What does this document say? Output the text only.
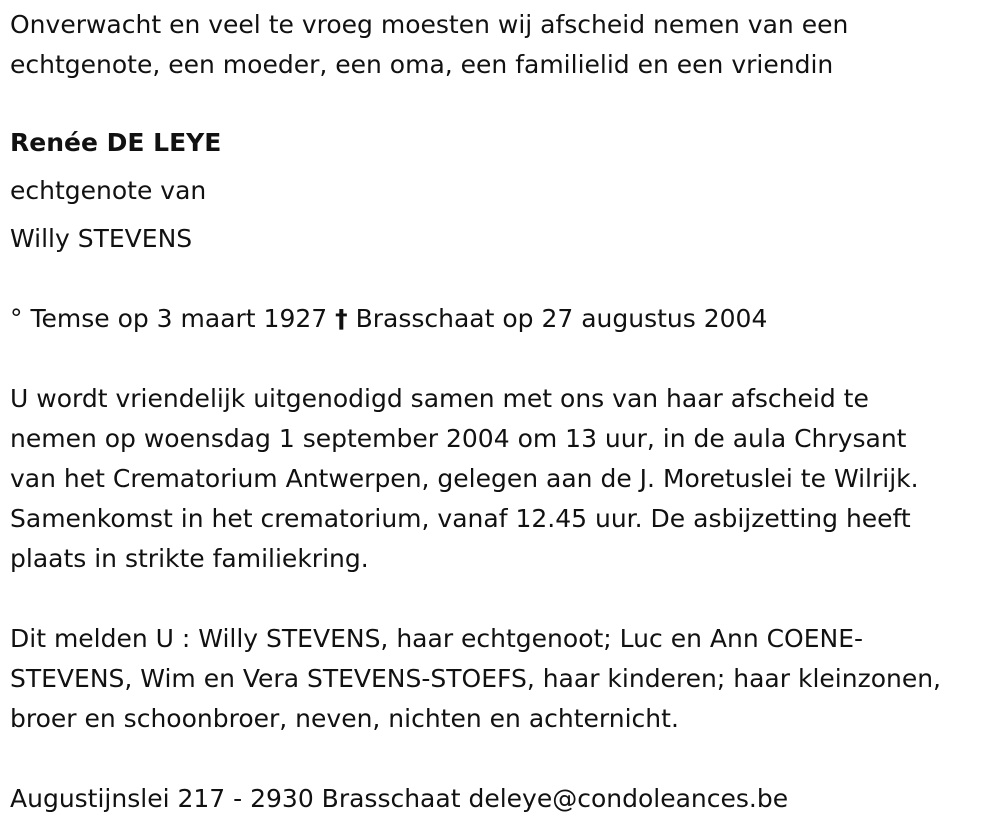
Onverwacht en veel te vroeg moesten wij afscheid nemen van een

echtgenote, een moeder, een oma, een familielid en een vriendin

Renée DE LEYE

echtgenote van

Willy STEVENS

° Temse op 3 maart 1927 † Brasschaat op 27 augustus 2004

U wordt vriendelijk uitgenodigd samen met ons van haar afscheid te

nemen op woensdag 1 september 2004 om 13 uur, in de aula Chrysant

van het Crematorium Antwerpen, gelegen aan de J. Moretuslei te Wilrijk.

Samenkomst in het crematorium, vanaf 12.45 uur. De asbijzetting heeft

plaats in strikte familiekring.

Dit melden U : Willy STEVENS, haar echtgenoot; Luc en Ann COENE-

STEVENS, Wim en Vera STEVENS-STOEFS, haar kinderen; haar kleinzonen,

broer en schoonbroer, neven, nichten en achternicht.

Augustijnslei 217 - 2930 Brasschaat deleye@condoleances.be
